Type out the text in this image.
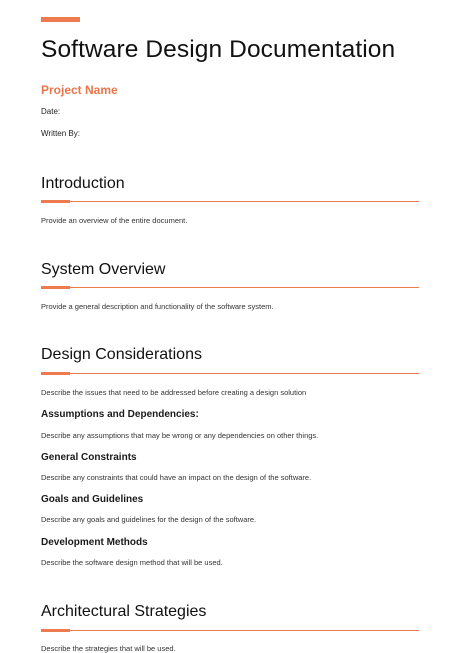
Software Design Documentation
Project Name
Date:
Written By:
Introduction
Provide an overview of the entire document.
System Overview
Provide a general description and functionality of the software system.
Design Considerations
Describe the issues that need to be addressed before creating a design solution
Assumptions and Dependencies:
Describe any assumptions that may be wrong or any dependencies on other things.
General Constraints
Describe any constraints that could have an impact on the design of the software.
Goals and Guidelines
Describe any goals and guidelines for the design of the software.
Development Methods
Describe the software design method that will be used.
Architectural Strategies
Describe the strategies that will be used.
